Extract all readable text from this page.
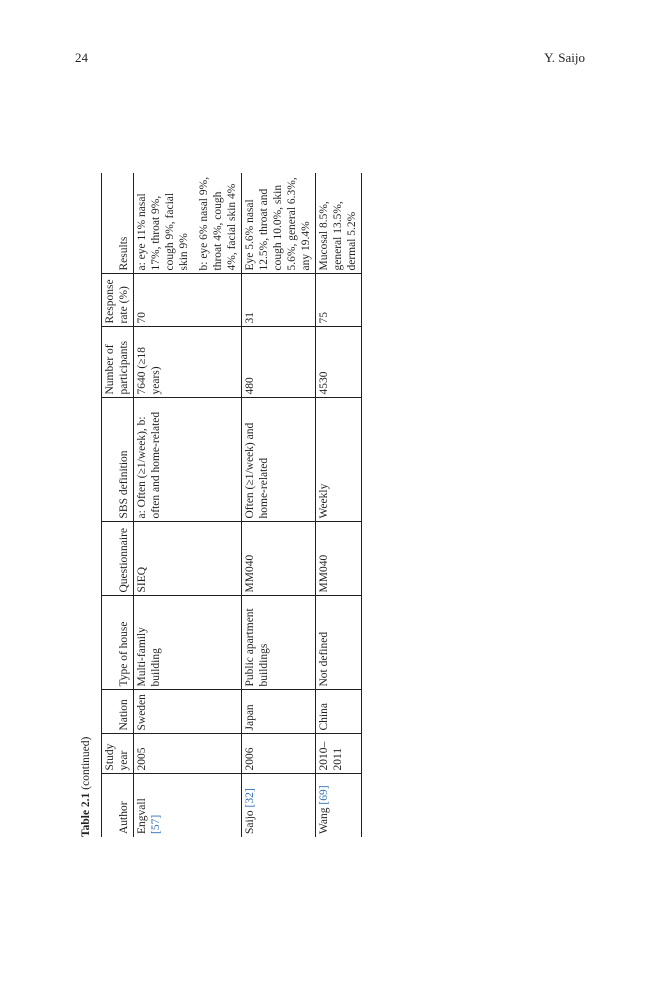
24	Y. Saijo
Table 2.1(continued)
Author	Study year	Nation	Type of house	Questionnaire	SBS definition	Number of participants	Response rate (%)	Results
Engvall [57]	2005	Sweden	Multi-family building	SIEQ	a: Often (≥1/week), b: often and home-related	7640 (≥18 years)	70	a: eye 11% nasal 17%, throat 9%, cough 9%, facial skin 9% b: eye 6% nasal 9%, throat 4%, cough 4%, facial skin 4%
Saijo [32]	2006	Japan	Public apartment buildings	MM040	Often (≥1/week) and home-related	480	31	Eye 5.6% nasal 12.5%, throat and cough 10.0%, skin 5.6%, general 6.3%, any 19.4%
Wang [69]	2010–2011	China	Not defined	MM040	Weekly	4530	75	Mucosal 8.5%, general 13.5%, dermal 5.2%
